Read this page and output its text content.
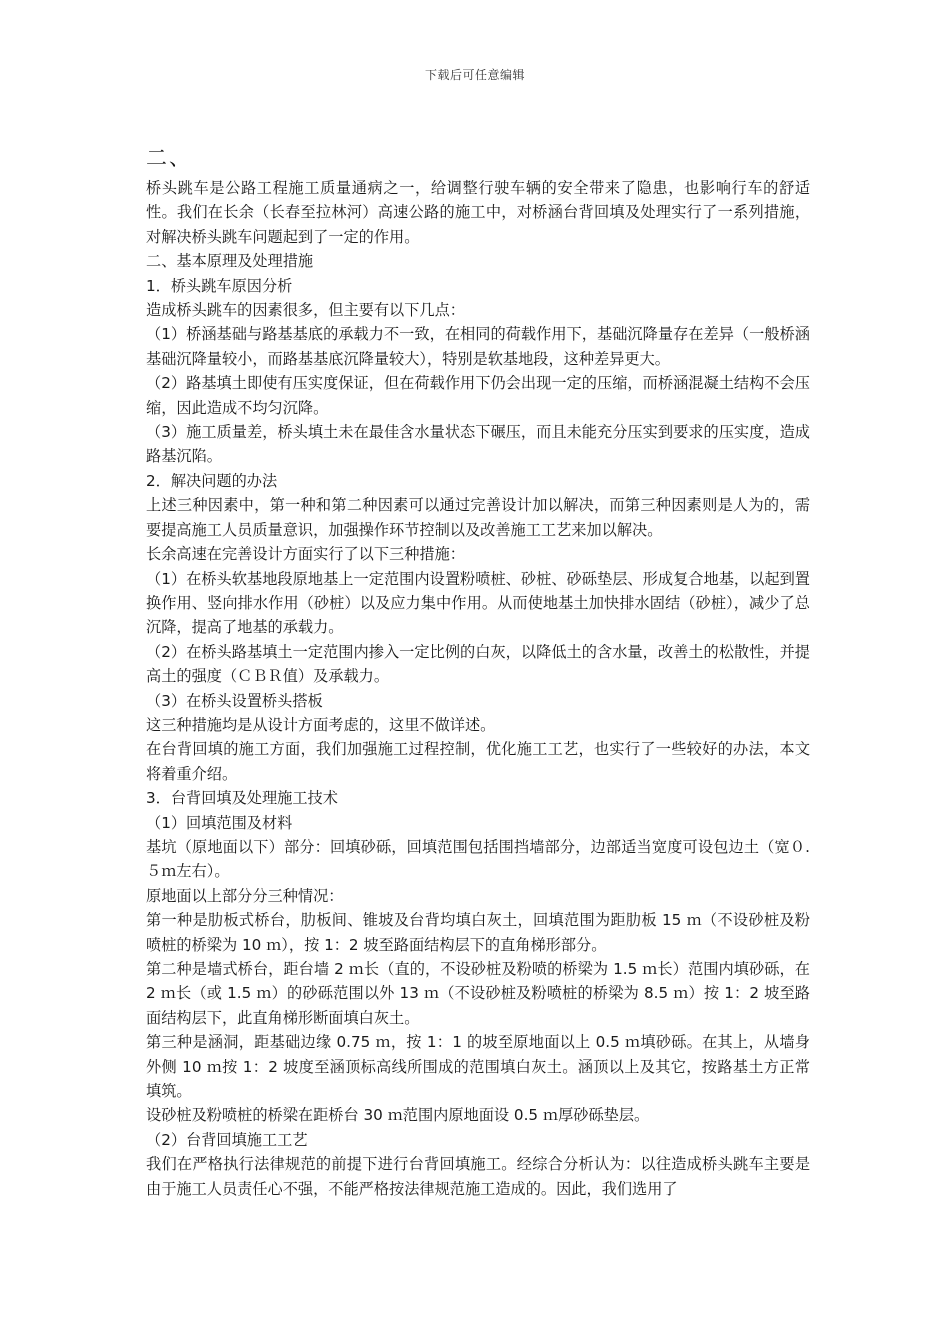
下载后可任意编辑
二、

桥头跳车是公路工程施工质量通病之一，给调整行驶车辆的安全带来了隐患，也影响行车的舒适性。我们在长余（长春至拉林河）高速公路的施工中，对桥涵台背回填及处理实行了一系列措施，对解决桥头跳车问题起到了一定的作用。

二、基本原理及处理措施

1．桥头跳车原因分析

造成桥头跳车的因素很多，但主要有以下几点：

（1）桥涵基础与路基基底的承载力不一致，在相同的荷载作用下，基础沉降量存在差异（一般桥涵基础沉降量较小，而路基基底沉降量较大），特别是软基地段，这种差异更大。

（2）路基填土即使有压实度保证，但在荷载作用下仍会出现一定的压缩，而桥涵混凝土结构不会压缩，因此造成不均匀沉降。

（3）施工质量差，桥头填土未在最佳含水量状态下碾压，而且未能充分压实到要求的压实度，造成路基沉陷。

2．解决问题的办法

上述三种因素中，第一种和第二种因素可以通过完善设计加以解决，而第三种因素则是人为的，需要提高施工人员质量意识，加强操作环节控制以及改善施工工艺来加以解决。

长余高速在完善设计方面实行了以下三种措施：

（1）在桥头软基地段原地基上一定范围内设置粉喷桩、砂桩、砂砾垫层、形成复合地基，以起到置换作用、竖向排水作用（砂桩）以及应力集中作用。从而使地基土加快排水固结（砂桩），减少了总沉降，提高了地基的承载力。

（2）在桥头路基填土一定范围内掺入一定比例的白灰，以降低土的含水量，改善土的松散性，并提高土的强度（ＣＢＲ值）及承载力。

（3）在桥头设置桥头搭板

这三种措施均是从设计方面考虑的，这里不做详述。

在台背回填的施工方面，我们加强施工过程控制，优化施工工艺，也实行了一些较好的办法，本文将着重介绍。

3．台背回填及处理施工技术

（1）回填范围及材料

基坑（原地面以下）部分：回填砂砾，回填范围包括围挡墙部分，边部适当宽度可设包边土（宽０.５ｍ左右）。

原地面以上部分分三种情况：

第一种是肋板式桥台，肋板间、锥坡及台背均填白灰土，回填范围为距肋板 15 ｍ（不设砂桩及粉喷桩的桥梁为 10 ｍ），按 1：2 坡至路面结构层下的直角梯形部分。

第二种是墙式桥台，距台墙 2 ｍ长（直的，不设砂桩及粉喷的桥梁为 1.5 ｍ长）范围内填砂砾，在 2 ｍ长（或 1.5 ｍ）的砂砾范围以外 13 ｍ（不设砂桩及粉喷桩的桥梁为 8.5 ｍ）按 1：2 坡至路面结构层下，此直角梯形断面填白灰土。

第三种是涵洞，距基础边缘 0.75 ｍ，按 1：1 的坡至原地面以上 0.5 ｍ填砂砾。在其上，从墙身外侧 10 ｍ按 1：2 坡度至涵顶标高线所围成的范围填白灰土。涵顶以上及其它，按路基土方正常填筑。

设砂桩及粉喷桩的桥梁在距桥台 30 ｍ范围内原地面设 0.5 ｍ厚砂砾垫层。

（2）台背回填施工工艺

我们在严格执行法律规范的前提下进行台背回填施工。经综合分析认为：以往造成桥头跳车主要是由于施工人员责任心不强，不能严格按法律规范施工造成的。因此，我们选用了
